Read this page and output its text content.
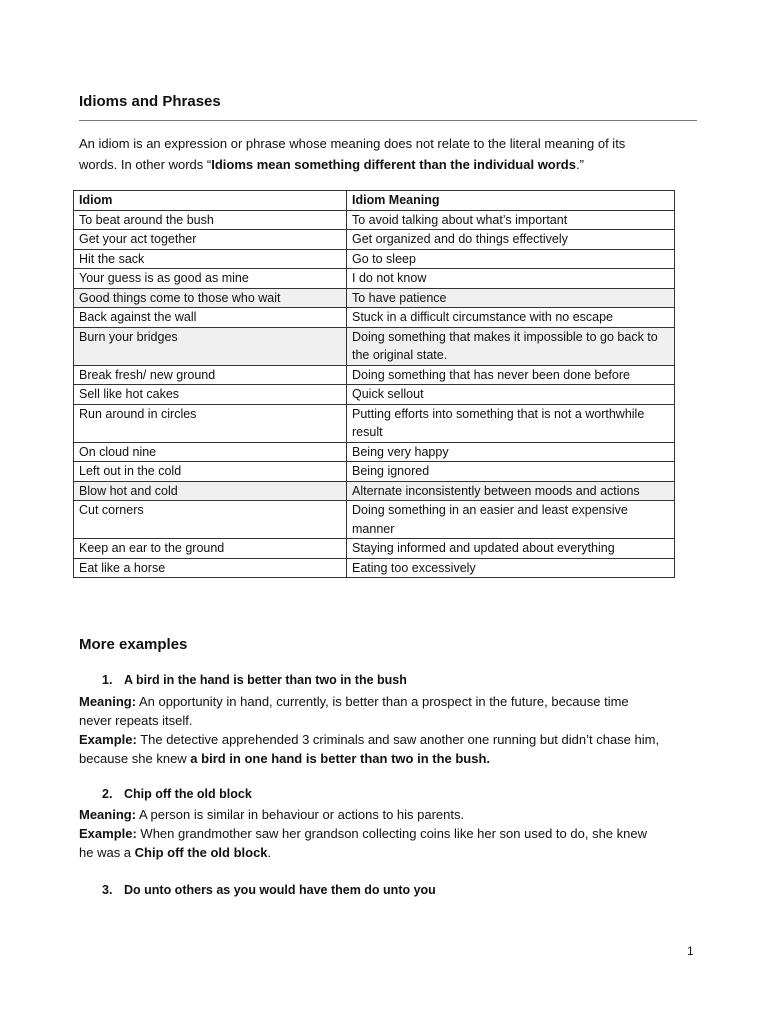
Idioms and Phrases
An idiom is an expression or phrase whose meaning does not relate to the literal meaning of its
words. In other words “Idioms mean something different than the individual words.”
Idiom	Idiom Meaning
To beat around the bush	To avoid talking about what’s important
Get your act together	Get organized and do things effectively
Hit the sack	Go to sleep
Your guess is as good as mine	I do not know
Good things come to those who wait	To have patience
Back against the wall	Stuck in a difficult circumstance with no escape
Burn your bridges	Doing something that makes it impossible to go back to the original state.
Break fresh/ new ground	Doing something that has never been done before
Sell like hot cakes	Quick sellout
Run around in circles	Putting efforts into something that is not a worthwhile result
On cloud nine	Being very happy
Left out in the cold	Being ignored
Blow hot and cold	Alternate inconsistently between moods and actions
Cut corners	Doing something in an easier and least expensive manner
Keep an ear to the ground	Staying informed and updated about everything
Eat like a horse	Eating too excessively
More examples
1. A bird in the hand is better than two in the bush
Meaning: An opportunity in hand, currently, is better than a prospect in the future, because time
never repeats itself.
Example: The detective apprehended 3 criminals and saw another one running but didn’t chase him,
because she knew a bird in one hand is better than two in the bush.
2. Chip off the old block
Meaning: A person is similar in behaviour or actions to his parents.
Example: When grandmother saw her grandson collecting coins like her son used to do, she knew
he was a Chip off the old block.
3. Do unto others as you would have them do unto you
1
